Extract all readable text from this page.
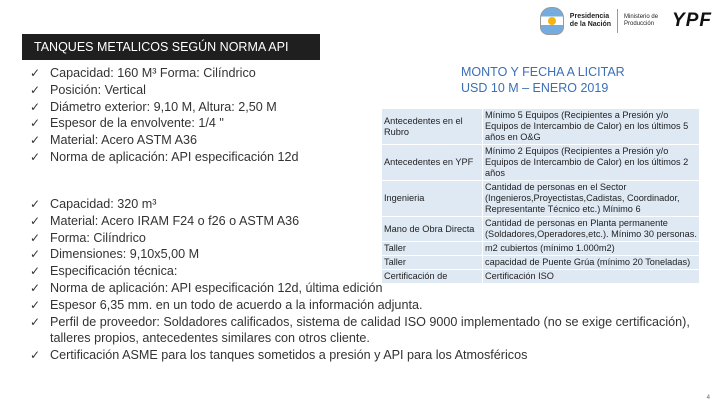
Presidencia
de la Nación
Ministerio de
Producción YPF
TANQUES METALICOS SEGÚN NORMA API
✓ Capacidad: 160 M³ Forma: Cilíndrico
✓ Posición: Vertical
✓ Diámetro exterior: 9,10 M, Altura: 2,50 M
✓ Espesor de la envolvente: 1/4 "
✓ Material: Acero ASTM A36
✓ Norma de aplicación: API especificación 12d
MONTO Y FECHA A LICITAR
USD 10 M – ENERO 2019
Antecedentes en el Rubro	Mínimo 5 Equipos (Recipientes a Presión y/o Equipos de Intercambio de Calor) en los últimos 5 años en O&G
Antecedentes en YPF	Mínimo 2 Equipos (Recipientes a Presión y/o Equipos de Intercambio de Calor) en los últimos 2 años
Ingenieria	Cantidad de personas en el Sector (Ingenieros,Proyectistas,Cadistas, Coordinador, Representante Técnico etc.) Mínimo 6
Mano de Obra Directa	Cantidad de personas en Planta permanente (Soldadores,Operadores,etc.). Mínimo 30 personas.
Taller	m2 cubiertos (mínimo 1.000m2)
Taller	capacidad de Puente Grúa (mínimo 20 Toneladas)
Certificación de	Certificación ISO
✓ Capacidad: 320 m³
✓ Material: Acero IRAM F24 o f26 o ASTM A36
✓ Forma: Cilíndrico
✓ Dimensiones: 9,10x5,00 M
✓ Especificación técnica:
✓ Norma de aplicación: API especificación 12d, última edición
✓ Espesor 6,35 mm. en un todo de acuerdo a la información adjunta.
✓ Perfil de proveedor: Soldadores calificados, sistema de calidad ISO 9000 implementado (no se exige certificación), talleres propios, antecedentes similares con otros cliente.
✓ Certificación ASME para los tanques sometidos a presión y API para los Atmosféricos
4
